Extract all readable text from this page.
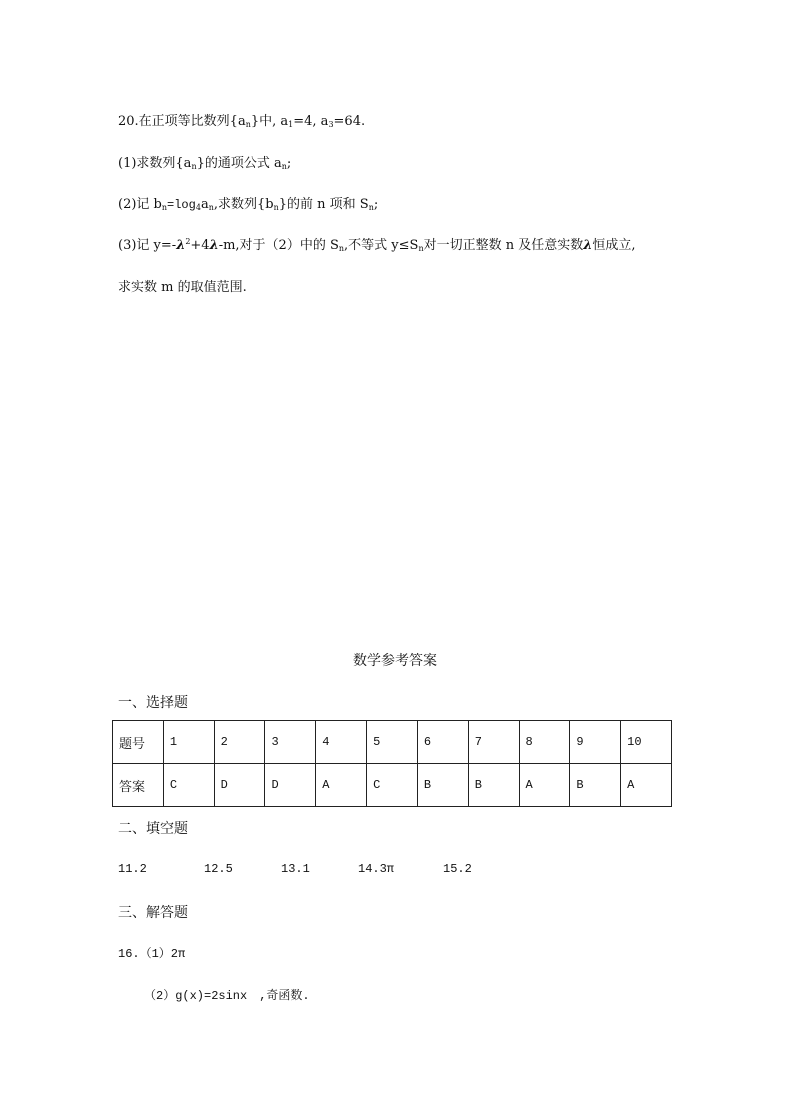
20.在正项等比数列$\{a_n\}$中, $a_1=4$, $a_3=64$.
(1)求数列$\{a_n\}$的通项公式 $a_n$;
(2)记 $b_n=\log_4a_n$,求数列$\{b_n\}$的前 n 项和 $S_n$;
(3)记 $y=-\lambda^2+4\lambda-m$,对于（2）中的 $S_n$,不等式 $y\le S_n$对一切正整数 n 及任意实数λ恒成立,
求实数 m 的取值范围.
数学参考答案
一、选择题
题号	1	2	3	4	5	6	7	8	9	10
答案	C	D	D	A	C	B	B	A	B	A
二、填空题
11.2	12.5	13.1	14.3π	15.2
三、解答题
16.（1）2π
（2）g(x)=2sinx　,奇函数.
